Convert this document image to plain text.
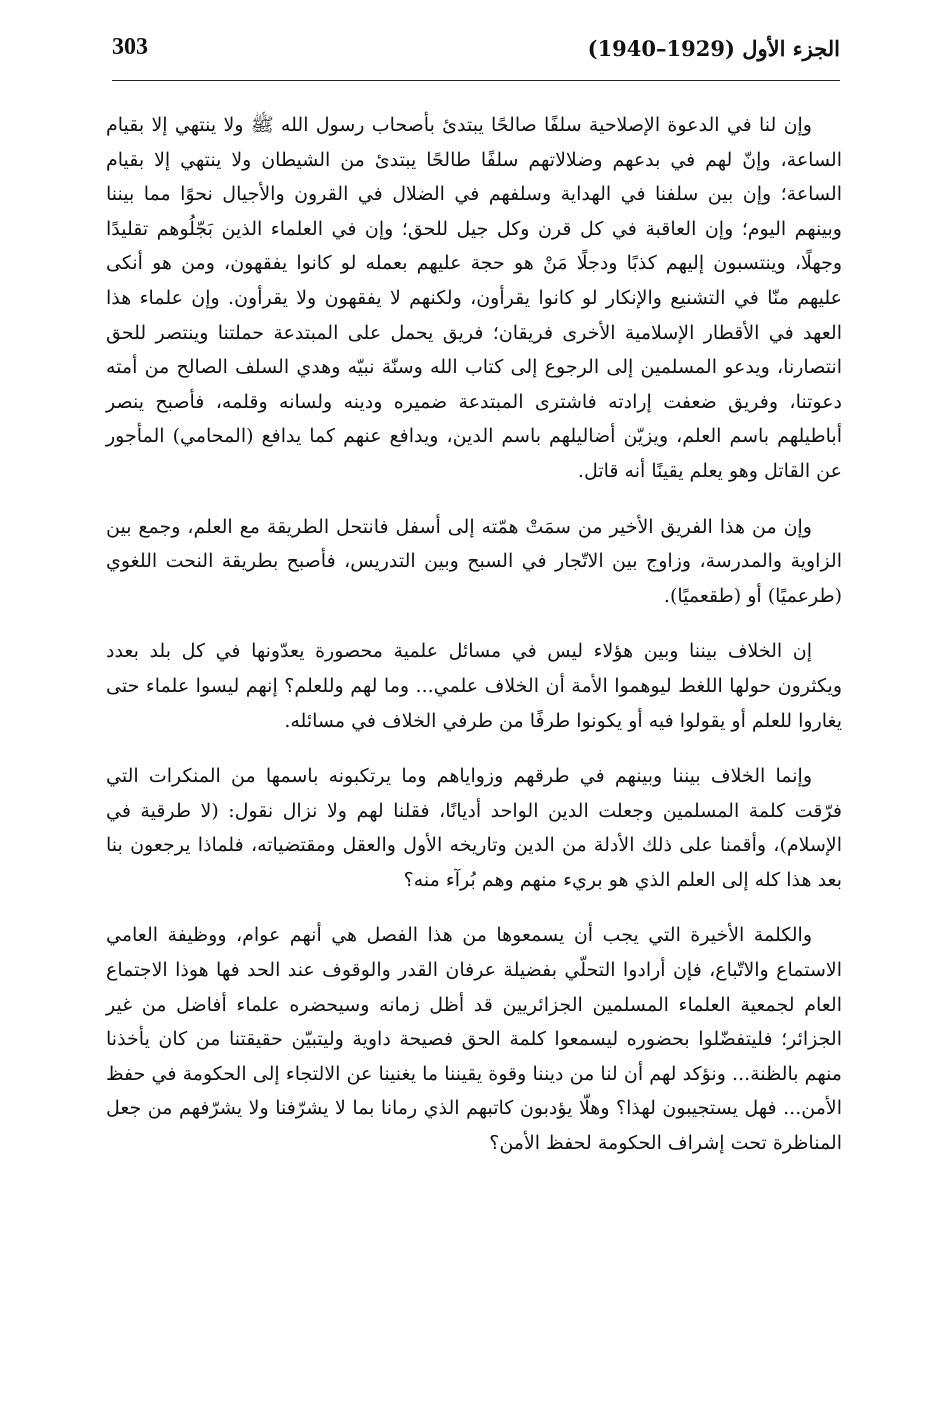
الجزء الأول (1929–1940)
303

وإن لنا في الدعوة الإصلاحية سلفًا صالحًا يبتدئ بأصحاب رسول الله ﷺ ولا ينتهي إلا بقيام الساعة، وإنّ لهم في بدعهم وضلالاتهم سلفًا طالحًا يبتدئ من الشيطان ولا ينتهي إلا بقيام الساعة؛ وإن بين سلفنا في الهداية وسلفهم في الضلال في القرون والأجيال نحوًا مما بيننا وبينهم اليوم؛ وإن العاقبة في كل قرن وكل جيل للحق؛ وإن في العلماء الذين بَجّلُوهم تقليدًا وجهلًا، وينتسبون إليهم كذبًا ودجلًا مَنْ هو حجة عليهم بعمله لو كانوا يفقهون، ومن هو أنكى عليهم منّا في التشنيع والإنكار لو كانوا يقرأون، ولكنهم لا يفقهون ولا يقرأون. وإن علماء هذا العهد في الأقطار الإسلامية الأخرى فريقان؛ فريق يحمل على المبتدعة حملتنا وينتصر للحق انتصارنا، ويدعو المسلمين إلى الرجوع إلى كتاب الله وسنّة نبيّه وهدي السلف الصالح من أمته دعوتنا، وفريق ضعفت إرادته فاشترى المبتدعة ضميره ودينه ولسانه وقلمه، فأصبح ينصر أباطيلهم باسم العلم، ويزيّن أضاليلهم باسم الدين، ويدافع عنهم كما يدافع (المحامي) المأجور عن القاتل وهو يعلم يقينًا أنه قاتل.

وإن من هذا الفريق الأخير من سمَتْ همّته إلى أسفل فانتحل الطريقة مع العلم، وجمع بين الزاوية والمدرسة، وزاوج بين الاتّجار في السبح وبين التدريس، فأصبح بطريقة النحت اللغوي (طرعميًا) أو (طقعميًا).

إن الخلاف بيننا وبين هؤلاء ليس في مسائل علمية محصورة يعدّونها في كل بلد بعدد ويكثرون حولها اللغط ليوهموا الأمة أن الخلاف علمي... وما لهم وللعلم؟ إنهم ليسوا علماء حتى يغاروا للعلم أو يقولوا فيه أو يكونوا طرفًا من طرفي الخلاف في مسائله.

وإنما الخلاف بيننا وبينهم في طرقهم وزواياهم وما يرتكبونه باسمها من المنكرات التي فرّقت كلمة المسلمين وجعلت الدين الواحد أديانًا، فقلنا لهم ولا نزال نقول: (لا طرقية في الإسلام)، وأقمنا على ذلك الأدلة من الدين وتاريخه الأول والعقل ومقتضياته، فلماذا يرجعون بنا بعد هذا كله إلى العلم الذي هو بريء منهم وهم بُرآء منه؟

والكلمة الأخيرة التي يجب أن يسمعوها من هذا الفصل هي أنهم عوام، ووظيفة العامي الاستماع والاتّباع، فإن أرادوا التحلّي بفضيلة عرفان القدر والوقوف عند الحد فها هوذا الاجتماع العام لجمعية العلماء المسلمين الجزائريين قد أظل زمانه وسيحضره علماء أفاضل من غير الجزائر؛ فليتفضّلوا بحضوره ليسمعوا كلمة الحق فصيحة داوية وليتبيّن حقيقتنا من كان يأخذنا منهم بالظنة... ونؤكد لهم أن لنا من ديننا وقوة يقيننا ما يغنينا عن الالتجاء إلى الحكومة في حفظ الأمن... فهل يستجيبون لهذا؟ وهلّا يؤدبون كاتبهم الذي رمانا بما لا يشرّفنا ولا يشرّفهم من جعل المناظرة تحت إشراف الحكومة لحفظ الأمن؟
